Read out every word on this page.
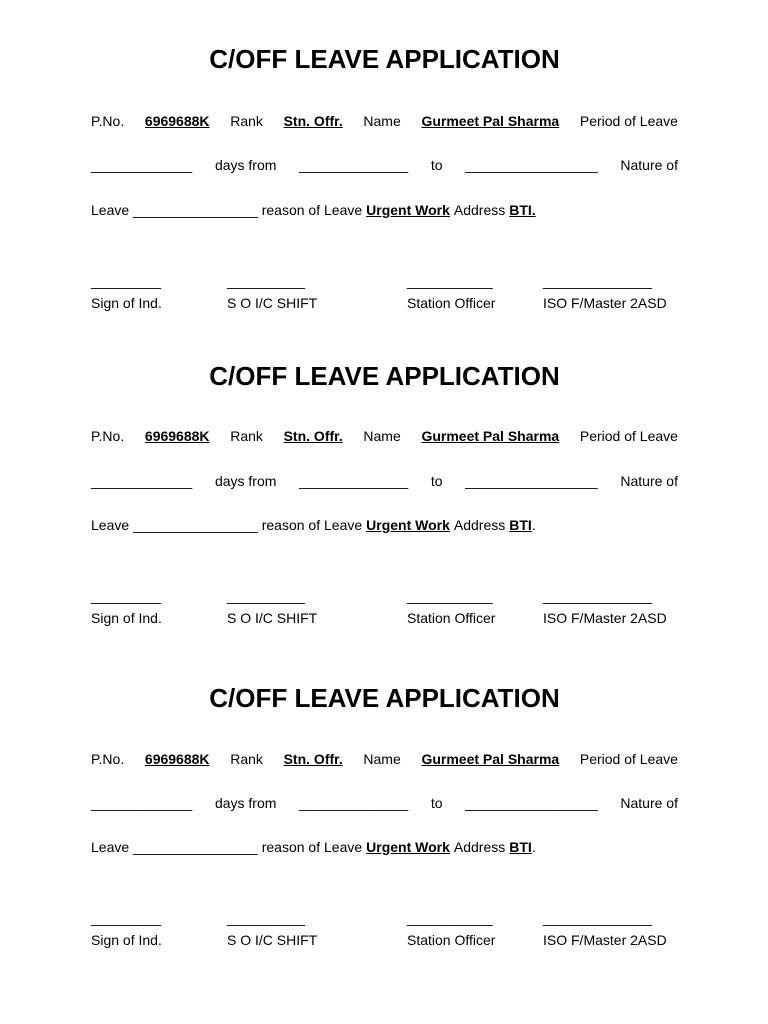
C/OFF LEAVE APPLICATION
P.No. 6969688K Rank Stn. Offr. Name Gurmeet Pal Sharma Period of Leave
_____________ days from ______________ to _________________ Nature of
Leave ________________ reason of Leave Urgent Work Address BTI.
_________
Sign of Ind.
__________
S O I/C SHIFT
___________
Station Officer
______________
ISO F/Master 2ASD
C/OFF LEAVE APPLICATION
P.No. 6969688K Rank Stn. Offr. Name Gurmeet Pal Sharma Period of Leave
_____________ days from ______________ to _________________ Nature of
Leave ________________ reason of Leave Urgent Work Address BTI.
_________
Sign of Ind.
__________
S O I/C SHIFT
___________
Station Officer
______________
ISO F/Master 2ASD
C/OFF LEAVE APPLICATION
P.No. 6969688K Rank Stn. Offr. Name Gurmeet Pal Sharma Period of Leave
_____________ days from ______________ to _________________ Nature of
Leave ________________ reason of Leave Urgent Work Address BTI.
_________
Sign of Ind.
__________
S O I/C SHIFT
___________
Station Officer
______________
ISO F/Master 2ASD
